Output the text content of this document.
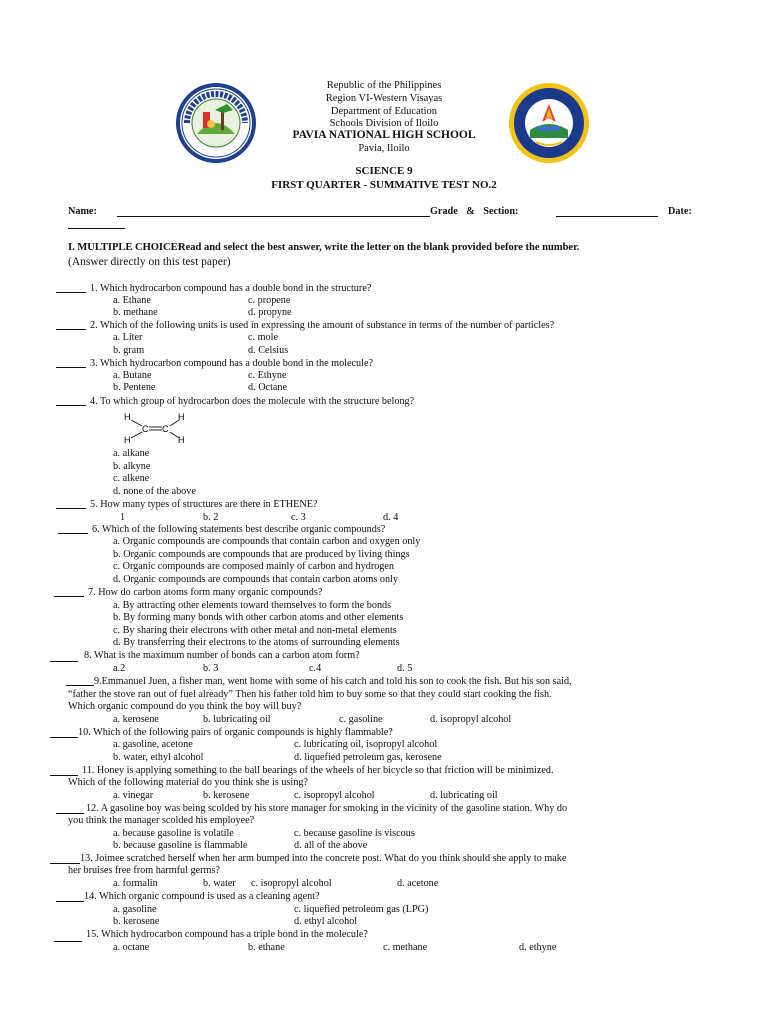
Republic of the Philippines
Region VI-Western Visayas
Department of Education
Schools Division of Iloilo
PAVIA NATIONAL HIGH SCHOOL
Pavia, Iloilo
SCIENCE 9
FIRST QUARTER - SUMMATIVE TEST NO.2
Name:	Grade & Section:	Date:
I. MULTIPLE CHOICE:
Read and select the best answer, write the letter on the blank provided before the number.
(Answer directly on this test paper)
1. Which hydrocarbon compound has a double bond in the structure?
a. Ethane	c. propene
b. methane	d. propyne
2. Which of the following units is used in expressing the amount of substance in terms of the number of particles?
a. Liter	c. mole
b. gram	d. Celsius
3. Which hydrocarbon compound has a double bond in the molecule?
a. Butane	c. Ethyne
b. Pentene	d. Octane
4. To which group of hydrocarbon does the molecule with the structure belong?
H	H
C C
H	H
a. alkane
b. alkyne
c. alkene
d. none of the above
5. How many types of structures are there in ETHENE?
1	b. 2	c. 3	d. 4
6. Which of the following statements best describe organic compounds?
a. Organic compounds are compounds that contain carbon and oxygen only
b. Organic compounds are compounds that are produced by living things
c. Organic compounds are composed mainly of carbon and hydrogen
d. Organic compounds are compounds that contain carbon atoms only
7. How do carbon atoms form many organic compounds?
a. By attracting other elements toward themselves to form the bonds
b. By forming many bonds with other carbon atoms and other elements
c. By sharing their electrons with other metal and non-metal elements
d. By transferring their electrons to the atoms of surrounding elements
8. What is the maximum number of bonds can a carbon atom form?
a.2	b. 3	c.4	d. 5
9.Emmanuel Juen, a fisher man, went home with some of his catch and told his son to cook the fish. But his son said,
“father the stove ran out of fuel already” Then his father told him to buy some so that they could start cooking the fish.
Which organic compound do you think the boy will buy?
a. kerosene	b. lubricating oil	c. gasoline	d. isopropyl alcohol
10. Which of the following pairs of organic compounds is highly flammable?
a. gasoline, acetone	c. lubricating oil, isopropyl alcohol
b. water, ethyl alcohol	d. liquefied petroleum gas, kerosene
11. Honey is applying something to the ball bearings of the wheels of her bicycle so that friction will be minimized.
Which of the following material do you think she is using?
a. vinegar	b. kerosene	c. isopropyl alcohol	d. lubricating oil
12. A gasoline boy was being scolded by his store manager for smoking in the vicinity of the gasoline station. Why do
you think the manager scolded his employee?
a. because gasoline is volatile	c. because gasoline is viscous
b. because gasoline is flammable	d. all of the above
13. Joimee scratched herself when her arm bumped into the concrete post. What do you think should she apply to make
her bruises free from harmful germs?
a. formalin	b. water c. isopropyl alcohol	d. acetone
14. Which organic compound is used as a cleaning agent?
a. gasoline	c. liquefied petroleum gas (LPG)
b. kerosene	d. ethyl alcohol
15. Which hydrocarbon compound has a triple bond in the molecule?
a. octane	b. ethane	c. methane	d. ethyne
